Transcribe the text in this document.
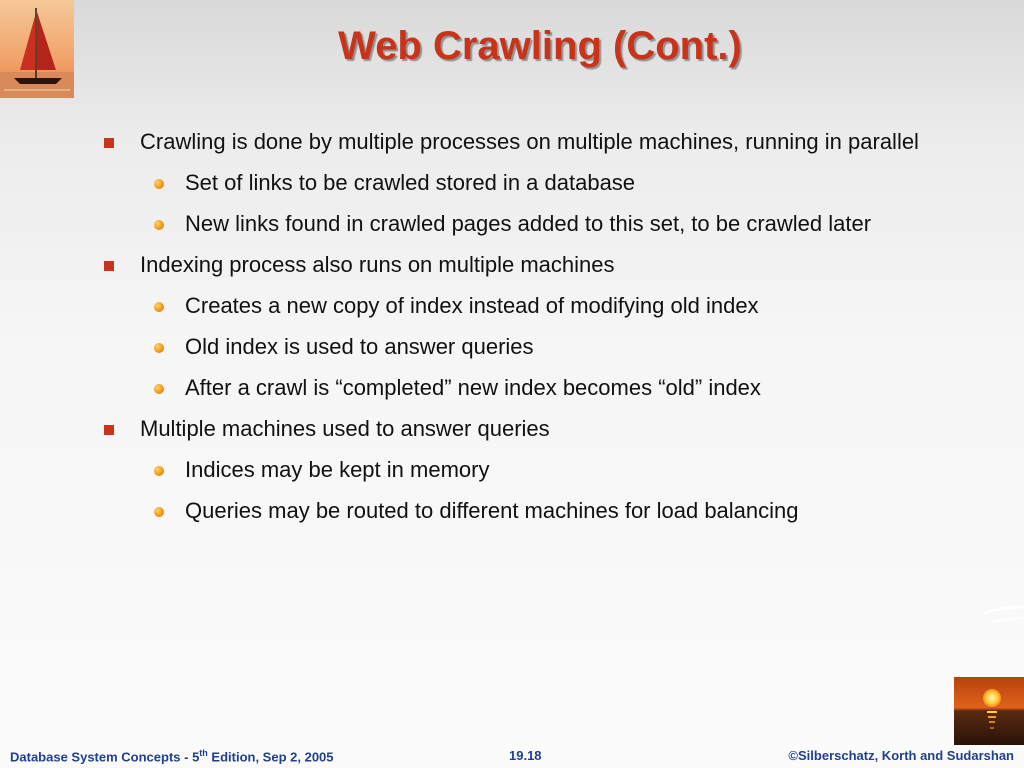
Web Crawling (Cont.)
Crawling is done by multiple processes on multiple machines, running in parallel
Set of links to be crawled stored in a database
New links found in crawled pages added to this set, to be crawled later
Indexing process also runs on multiple machines
Creates a new copy of index instead of modifying old index
Old index is used to answer queries
After a crawl is “completed” new index becomes “old” index
Multiple machines used to answer queries
Indices may be kept in memory
Queries may be routed to different machines for load balancing
Database System Concepts - 5th Edition, Sep 2, 2005	19.18	©Silberschatz, Korth and Sudarshan
